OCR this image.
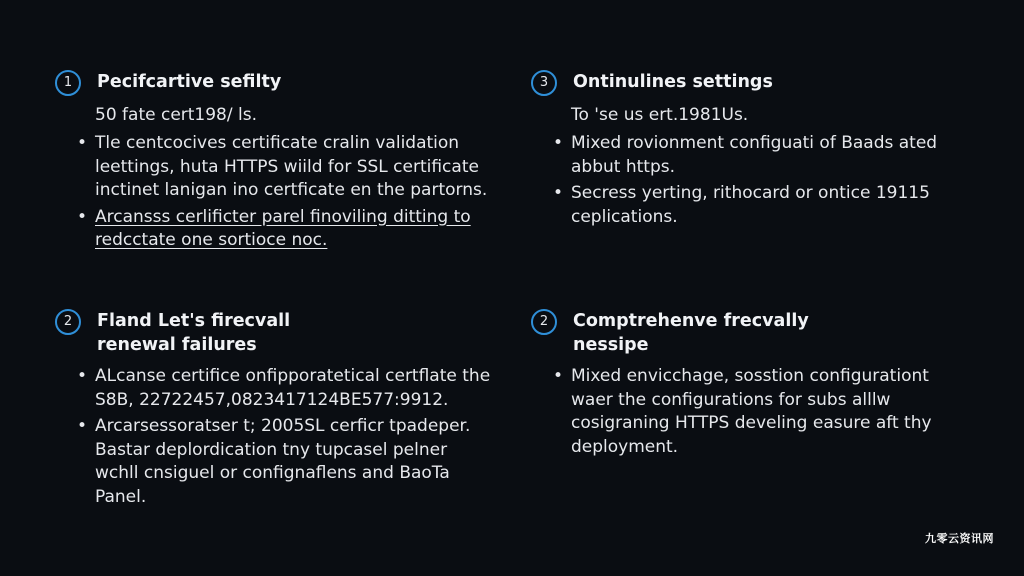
1	Pecifcartive sefilty
50 fate cert198/ ls.
• Tle centcocives certificate cralin validation leettings, huta HTTPS wiild for SSL certificate inctinet lanigan ino certficate en the partorns.
• Arcansss cerlificter parel finoviling ditting to redcctate one sortioce noc.
3	Ontinulines settings
To 'se us ert.1981Us.
• Mixed rovionment configuati of Baads ated abbut https.
• Secress yerting, rithocard or ontice 19115 ceplications.
2	Fland Let's firecvall renewal failures
• ALcanse certifice onfipporatetical certflate the S8B, 22722457,0823417124BE577:9912.
• Arcarsessoratser t; 2005SL cerficr tpadeper. Bastar deplordication tny tupcasel pelner wchll cnsiguel or confignaflens and BaoTa Panel.
2	Comptrehenve frecvally nessipe
• Mixed envicchage, sosstion configurationt waer the configurations for subs alllw cosigraning HTTPS develing easure aft thy deployment.
九零云资讯网
